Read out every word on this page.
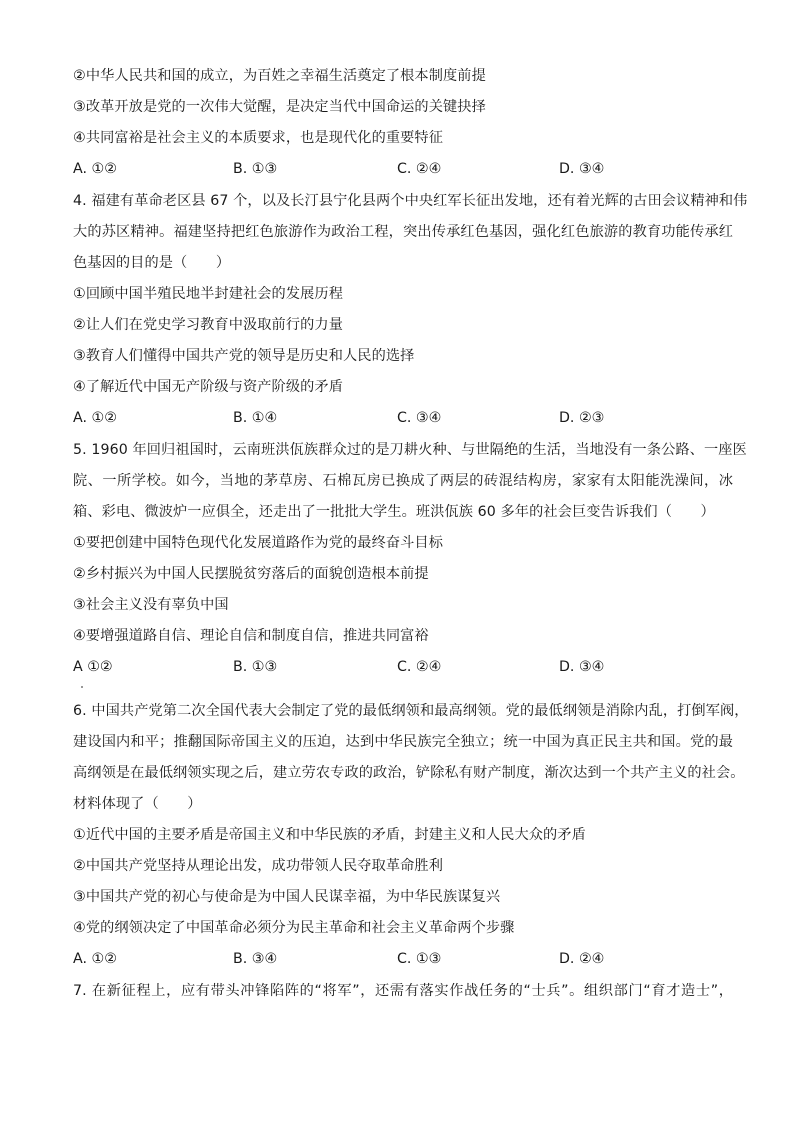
②中华人民共和国的成立，为百姓之幸福生活奠定了根本制度前提
③改革开放是党的一次伟大觉醒，是决定当代中国命运的关键抉择
④共同富裕是社会主义的本质要求，也是现代化的重要特征
A. ①②	B. ①③	C. ②④	D. ③④
4. 福建有革命老区县 67 个，以及长汀县宁化县两个中央红军长征出发地，还有着光辉的古田会议精神和伟
大的苏区精神。福建坚持把红色旅游作为政治工程，突出传承红色基因，强化红色旅游的教育功能传承红
色基因的目的是（　　）
①回顾中国半殖民地半封建社会的发展历程
②让人们在党史学习教育中汲取前行的力量
③教育人们懂得中国共产党的领导是历史和人民的选择
④了解近代中国无产阶级与资产阶级的矛盾
A. ①②	B. ①④	C. ③④	D. ②③
5. 1960 年回归祖国时，云南班洪佤族群众过的是刀耕火种、与世隔绝的生活，当地没有一条公路、一座医
院、一所学校。如今，当地的茅草房、石棉瓦房已换成了两层的砖混结构房，家家有太阳能洗澡间，冰
箱、彩电、微波炉一应俱全，还走出了一批批大学生。班洪佤族 60 多年的社会巨变告诉我们（　　）
①要把创建中国特色现代化发展道路作为党的最终奋斗目标
②乡村振兴为中国人民摆脱贫穷落后的面貌创造根本前提
③社会主义没有辜负中国
④要增强道路自信、理论自信和制度自信，推进共同富裕
A ①②	B. ①③	C. ②④	D. ③④
6. 中国共产党第二次全国代表大会制定了党的最低纲领和最高纲领。党的最低纲领是消除内乱，打倒军阀，
建设国内和平；推翻国际帝国主义的压迫，达到中华民族完全独立；统一中国为真正民主共和国。党的最
高纲领是在最低纲领实现之后，建立劳农专政的政治，铲除私有财产制度，渐次达到一个共产主义的社会。
材料体现了（　　）
①近代中国的主要矛盾是帝国主义和中华民族的矛盾，封建主义和人民大众的矛盾
②中国共产党坚持从理论出发，成功带领人民夺取革命胜利
③中国共产党的初心与使命是为中国人民谋幸福，为中华民族谋复兴
④党的纲领决定了中国革命必须分为民主革命和社会主义革命两个步骤
A. ①②	B. ③④	C. ①③	D. ②④
7. 在新征程上，应有带头冲锋陷阵的“将军”，还需有落实作战任务的“士兵”。组织部门“育才造士”，
